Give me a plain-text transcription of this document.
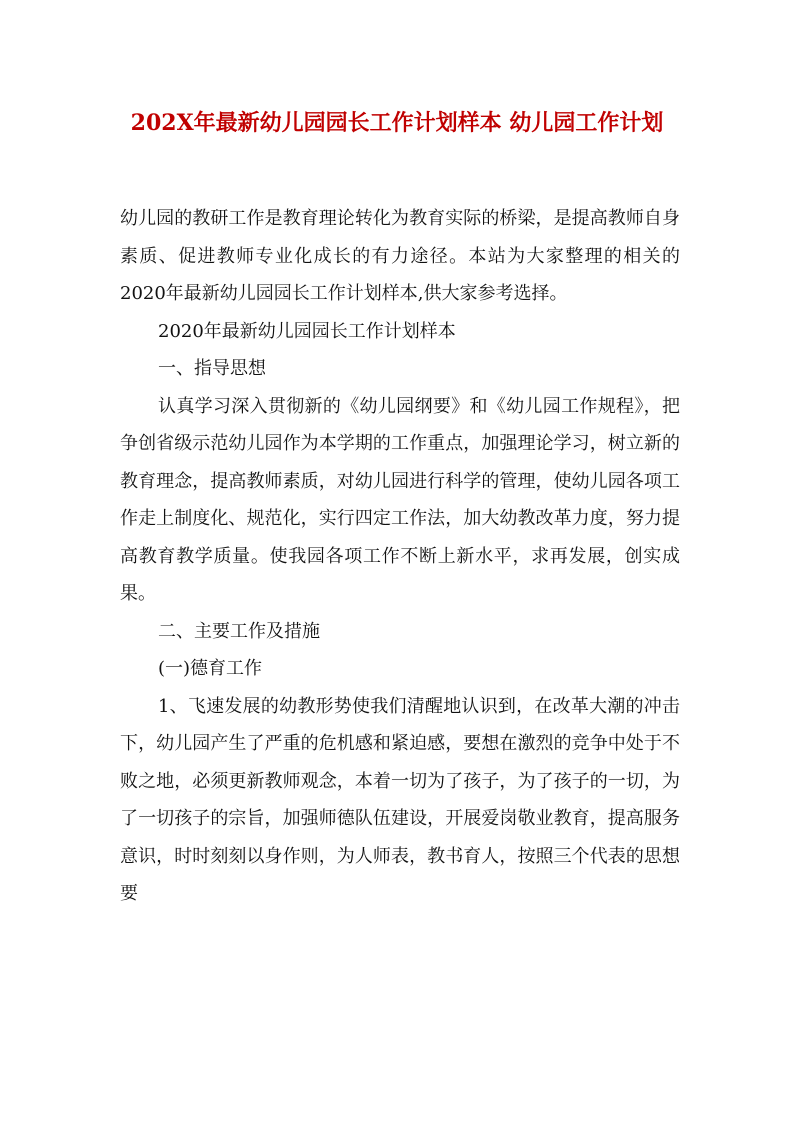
202X年最新幼儿园园长工作计划样本 幼儿园工作计划

幼儿园的教研工作是教育理论转化为教育实际的桥梁，是提高教师自身素质、促进教师专业化成长的有力途径。本站为大家整理的相关的2020年最新幼儿园园长工作计划样本,供大家参考选择。

2020年最新幼儿园园长工作计划样本

一、指导思想

认真学习深入贯彻新的《幼儿园纲要》和《幼儿园工作规程》，把争创省级示范幼儿园作为本学期的工作重点，加强理论学习，树立新的教育理念，提高教师素质，对幼儿园进行科学的管理，使幼儿园各项工作走上制度化、规范化，实行四定工作法，加大幼教改革力度，努力提高教育教学质量。使我园各项工作不断上新水平，求再发展，创实成果。

二、主要工作及措施

(一)德育工作

1、飞速发展的幼教形势使我们清醒地认识到，在改革大潮的冲击下，幼儿园产生了严重的危机感和紧迫感，要想在激烈的竞争中处于不败之地，必须更新教师观念，本着一切为了孩子，为了孩子的一切，为了一切孩子的宗旨，加强师德队伍建设，开展爱岗敬业教育，提高服务意识，时时刻刻以身作则，为人师表，教书育人，按照三个代表的思想要
